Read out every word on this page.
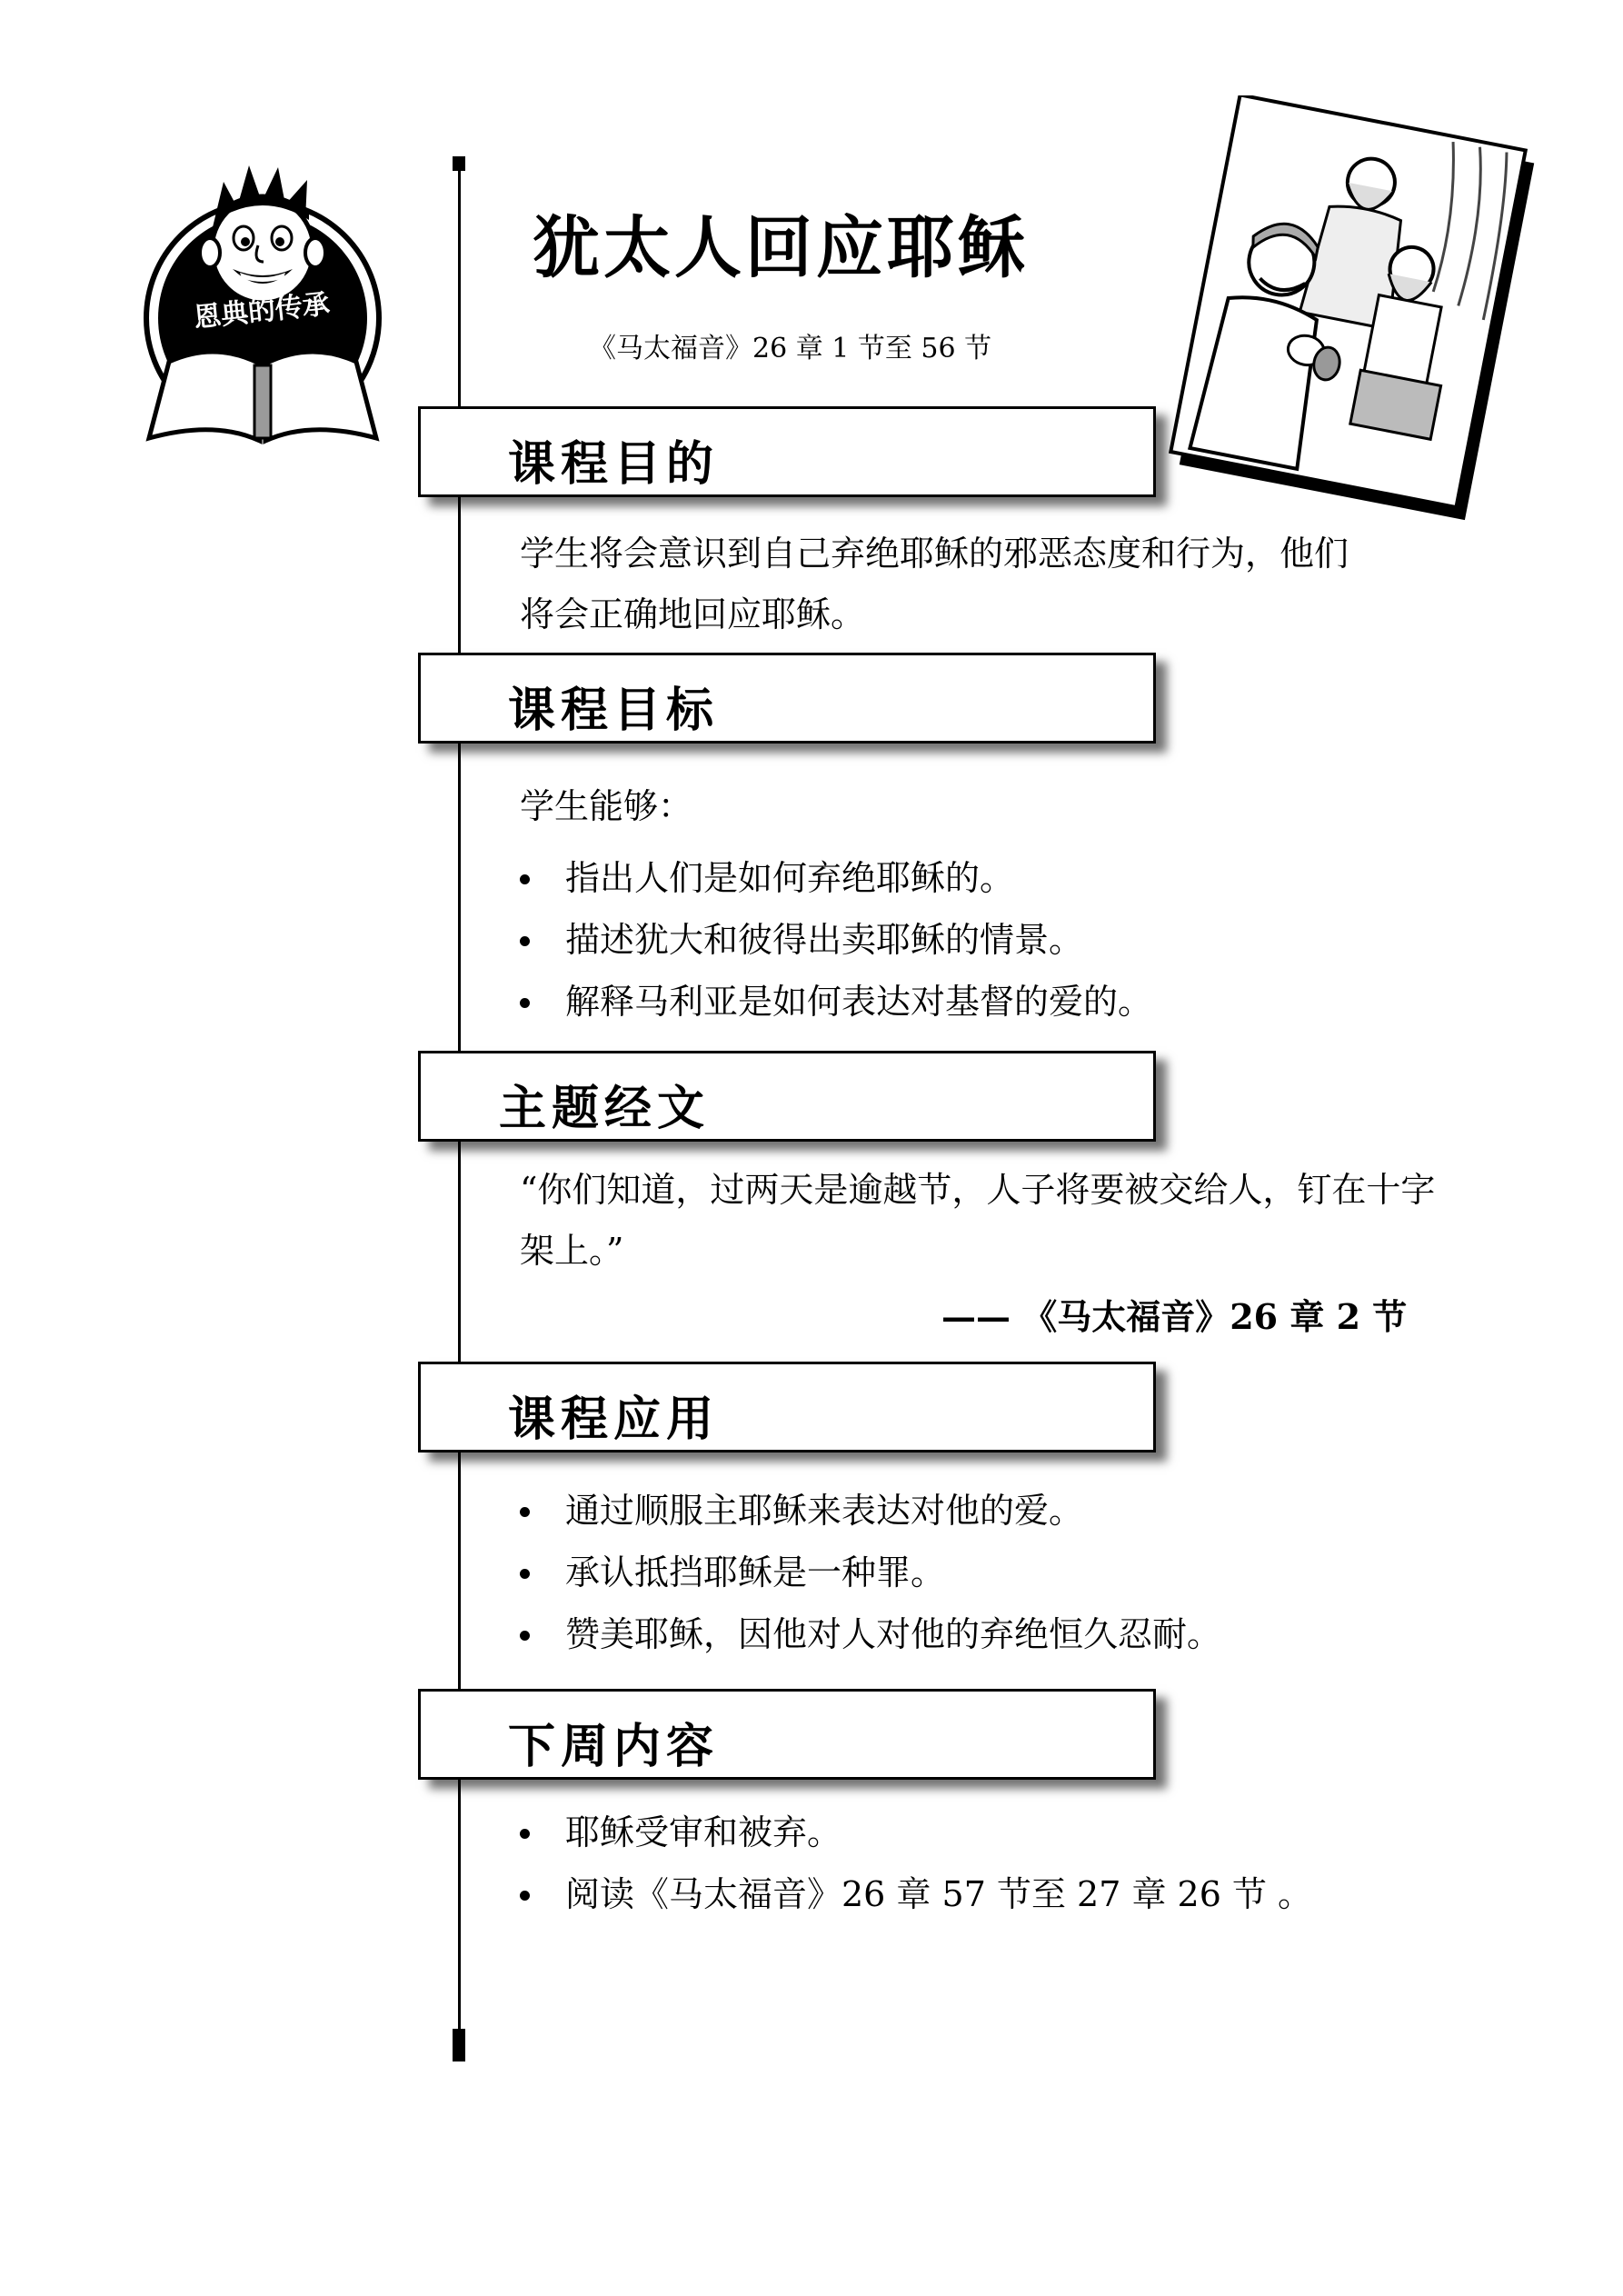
恩典的传承
犹太人回应耶稣
《马太福音》26 章 1 节至 56 节
课程目的

学生将会意识到自己弃绝耶稣的邪恶态度和行为，他们
将会正确地回应耶稣。

课程目标

学生能够：

指出人们是如何弃绝耶稣的。
描述犹大和彼得出卖耶稣的情景。
解释马利亚是如何表达对基督的爱的。
主题经文

“你们知道，过两天是逾越节，人子将要被交给人，钉在十字
架上。”

—— 《马太福音》26 章 2 节
课程应用
通过顺服主耶稣来表达对他的爱。
承认抵挡耶稣是一种罪。
赞美耶稣，因他对人对他的弃绝恒久忍耐。
下周内容
耶稣受审和被弃。
阅读《马太福音》26 章 57 节至 27 章 26 节 。
